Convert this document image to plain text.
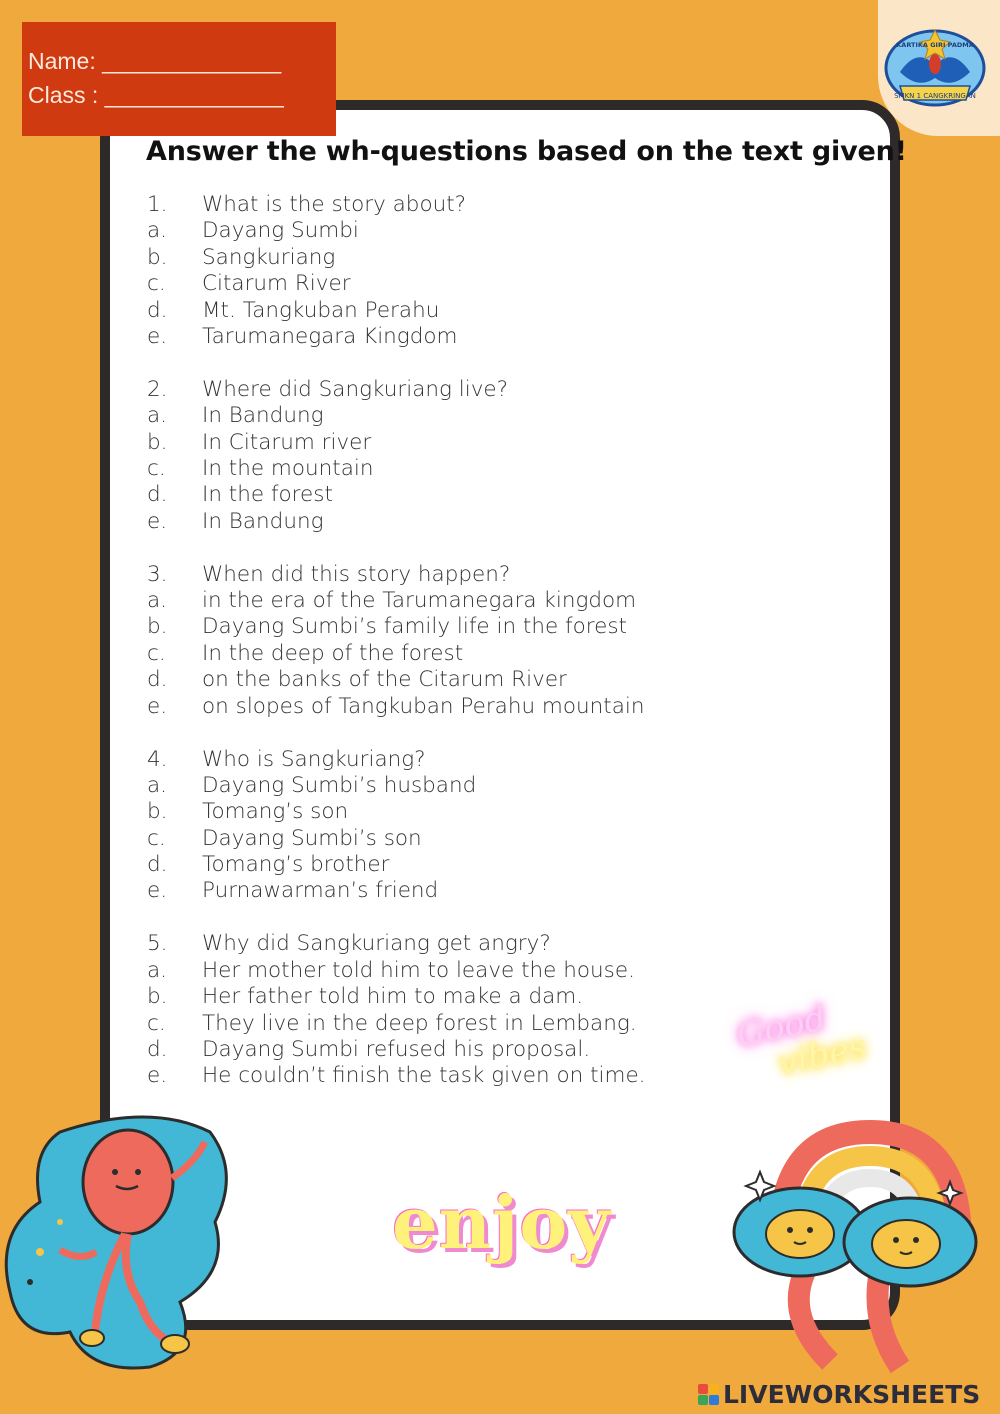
Name: ______________
Class : ______________	SMKN 1 CANGKRINGAN
KARTIKA GIRI PADMA
Answer the wh-questions based on the text given!
1. What is the story about?
a. Dayang Sumbi
b. Sangkuriang
c. Citarum River
d. Mt. Tangkuban Perahu
e. Tarumanegara Kingdom
2. Where did Sangkuriang live?
a. In Bandung
b. In Citarum river
c. In the mountain
d. In the forest
e. In Bandung
3. When did this story happen?
a. in the era of the Tarumanegara kingdom
b. Dayang Sumbi’s family life in the forest
c. In the deep of the forest
d. on the banks of the Citarum River
e. on slopes of Tangkuban Perahu mountain
4. Who is Sangkuriang?
a. Dayang Sumbi’s husband
b. Tomang’s son
c. Dayang Sumbi’s son
d. Tomang’s brother
e. Purnawarman’s friend
5. Why did Sangkuriang get angry?
a. Her mother told him to leave the house.
b. Her father told him to make a dam.
c. They live in the deep forest in Lembang.
d. Dayang Sumbi refused his proposal.
e. He couldn’t finish the task given on time.
Good
vibes
enjoy
LIVEWORKSHEETS
